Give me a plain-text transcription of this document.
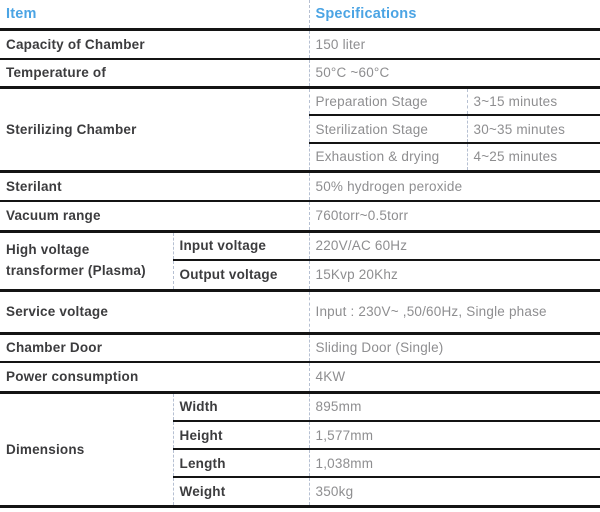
Item		Specifications	
Capacity of Chamber		150 liter	
Temperature of		50°C ~60°C	
Sterilizing Chamber		Preparation Stage	3~15 minutes
		Sterilization Stage	30~35 minutes
		Exhaustion & drying	4~25 minutes
Sterilant		50% hydrogen peroxide	
Vacuum range		760torr~0.5torr	
High voltage transformer (Plasma)	Input voltage	220V/AC 60Hz	
	Output voltage	15Kvp 20Khz	
Service voltage		Input : 230V~ ,50/60Hz, Single phase	
Chamber Door		Sliding Door (Single)	
Power consumption		4KW	
Dimensions	Width	895mm	
	Height	1,577mm	
	Length	1,038mm	
	Weight	350kg	
